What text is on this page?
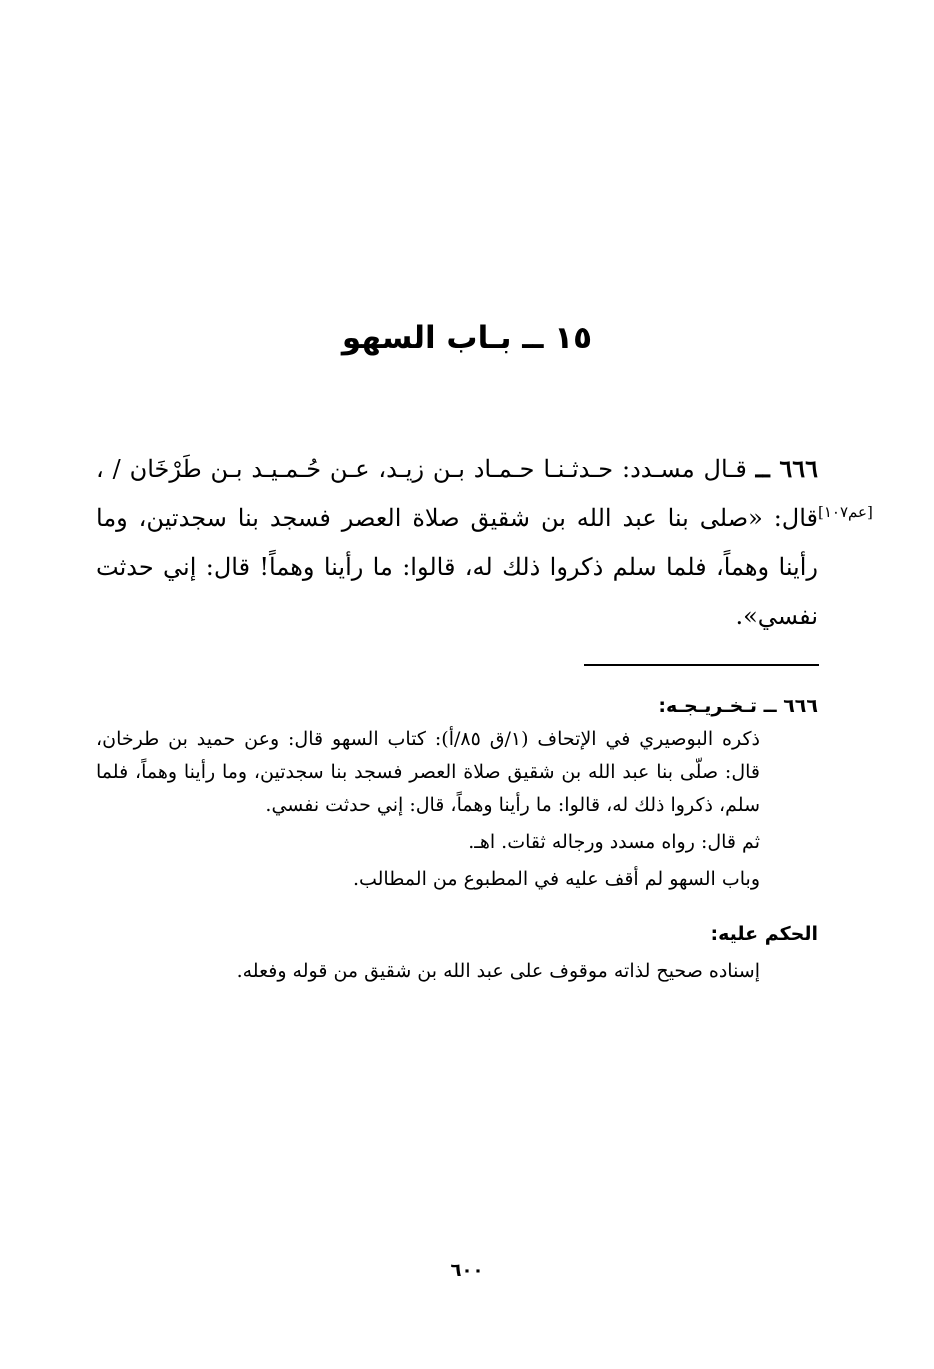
١٥ ــ بـاب السهو
[عم١٠٧]

٦٦٦ ــ قـال مسـدد: حـدثـنـا حـمـاد بـن زيـد، عـن حُـمـيـد بـن طَرْخَان / ، قال: «صلى بنا عبد الله بن شقيق صلاة العصر فسجد بنا سجدتين، وما رأينا وهماً، فلما سلم ذكروا ذلك له، قالوا: ما رأينا وهماً! قال: إني حدثت نفسي».

٦٦٦ ــ تـخـريـجـه:

ذكره البوصيري في الإتحاف (١/ق ٨٥/أ): كتاب السهو قال: وعن حميد بن طرخان، قال: صلّى بنا عبد الله بن شقيق صلاة العصر فسجد بنا سجدتين، وما رأينا وهماً، فلما سلم، ذكروا ذلك له، قالوا: ما رأينا وهماً، قال: إني حدثت نفسي.

ثم قال: رواه مسدد ورجاله ثقات. اهـ.

وباب السهو لم أقف عليه في المطبوع من المطالب.

الحكم عليه:

إسناده صحيح لذاته موقوف على عبد الله بن شقيق من قوله وفعله.

٦٠٠
